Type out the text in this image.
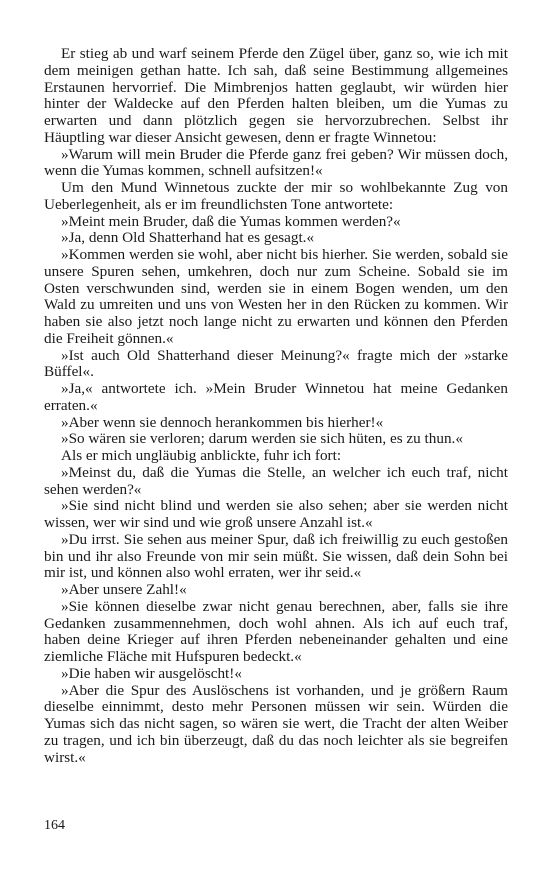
Er stieg ab und warf seinem Pferde den Zügel über, ganz so, wie ich mit dem meinigen gethan hatte. Ich sah, daß seine Bestimmung allgemeines Erstaunen hervorrief. Die Mimbrenjos hatten geglaubt, wir würden hier hinter der Waldecke auf den Pferden halten bleiben, um die Yumas zu erwarten und dann plötzlich gegen sie hervorzubrechen. Selbst ihr Häuptling war dieser Ansicht gewesen, denn er fragte Winnetou:

»Warum will mein Bruder die Pferde ganz frei geben? Wir müssen doch, wenn die Yumas kommen, schnell aufsitzen!«

Um den Mund Winnetous zuckte der mir so wohlbekannte Zug von Ueberlegenheit, als er im freundlichsten Tone antwortete:

»Meint mein Bruder, daß die Yumas kommen werden?«

»Ja, denn Old Shatterhand hat es gesagt.«

»Kommen werden sie wohl, aber nicht bis hierher. Sie werden, sobald sie unsere Spuren sehen, umkehren, doch nur zum Scheine. Sobald sie im Osten verschwunden sind, werden sie in einem Bogen wenden, um den Wald zu umreiten und uns von Westen her in den Rücken zu kommen. Wir haben sie also jetzt noch lange nicht zu erwarten und können den Pferden die Freiheit gönnen.«

»Ist auch Old Shatterhand dieser Meinung?« fragte mich der »starke Büffel«.

»Ja,« antwortete ich. »Mein Bruder Winnetou hat meine Gedanken erraten.«

»Aber wenn sie dennoch herankommen bis hierher!«

»So wären sie verloren; darum werden sie sich hüten, es zu thun.«

Als er mich ungläubig anblickte, fuhr ich fort:

»Meinst du, daß die Yumas die Stelle, an welcher ich euch traf, nicht sehen werden?«

»Sie sind nicht blind und werden sie also sehen; aber sie werden nicht wissen, wer wir sind und wie groß unsere Anzahl ist.«

»Du irrst. Sie sehen aus meiner Spur, daß ich freiwillig zu euch gestoßen bin und ihr also Freunde von mir sein müßt. Sie wissen, daß dein Sohn bei mir ist, und können also wohl erraten, wer ihr seid.«

»Aber unsere Zahl!«

»Sie können dieselbe zwar nicht genau berechnen, aber, falls sie ihre Gedanken zusammennehmen, doch wohl ahnen. Als ich auf euch traf, haben deine Krieger auf ihren Pferden nebeneinander gehalten und eine ziemliche Fläche mit Hufspuren bedeckt.«

»Die haben wir ausgelöscht!«

»Aber die Spur des Auslöschens ist vorhanden, und je größern Raum dieselbe einnimmt, desto mehr Personen müssen wir sein. Würden die Yumas sich das nicht sagen, so wären sie wert, die Tracht der alten Weiber zu tragen, und ich bin überzeugt, daß du das noch leichter als sie begreifen wirst.«

164
